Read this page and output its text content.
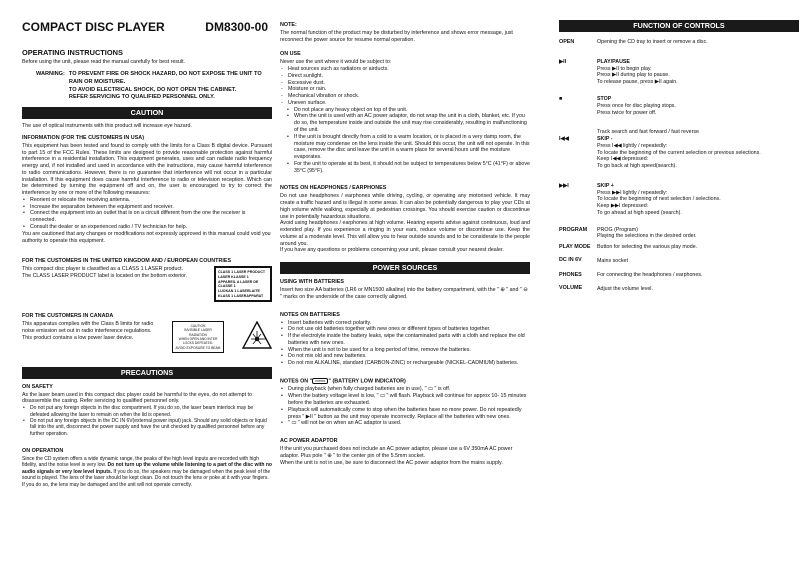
COMPACT DISC PLAYER	DM8300-00
OPERATING INSTRUCTIONS

Before using the unit, please read the manual carefully for best result.

WARNING: TO PREVENT FIRE OR SHOCK HAZARD, DO NOT EXPOSE THE UNIT TO RAIN OR MOISTURE.
TO AVOID ELECTRICAL SHOCK, DO NOT OPEN THE CABINET.
REFER SERVICING TO QUALIFIED PERSONNEL ONLY.
CAUTION

The use of optical instruments with this product will increase eye hazard.

INFORMATION (FOR THE CUSTOMERS IN USA)

This equipment has been tested and found to comply with the limits for a Class B digital device. Pursuant to part 15 of the FCC Rules. These limits are designed to provide reasonable protection against harmful interference in a residential installation. This equipment generates, uses and can radiate radio frequency energy and, if not installed and used in accordance with the instructions, may cause harmful interference to radio communications. However, there is no guarantee that interference will not occur in a particular installation. If this equipment does cause harmful interference to radio or television reception. Which can be determined by turning the equipment off and on, the user is encouraged to try to correct the interference by one or more of the following measures:

• Reorient or relocate the receiving antenna.
• Increase the separation between the equipment and receiver.
• Connect the equipment into an outlet that is on a circuit different from the one the receiver is connected.
• Consult the dealer or an experienced radio / TV technician for help.

You are cautioned that any changes or modifications not expressly approved in this manual could void you authority to operate this equipment.

FOR THE CUSTOMERS IN THE UNITED KINGDOM AND / EUROPEAN COUNTRIES

This compact disc player is classified as a CLASS 1 LASER product.

The CLASS LASER PRODUCT label is located on the bottom exterior.

CLASS 1 LASER PRODUCT
LASER KLASSE 1
APPAREIL A LASER DE CLASSE 1
LUOKAN 1 LASERLAITE
KLASS 1 LASERAPPARAT
FOR THE CUSTOMERS IN CANADA

This apparatus complies with the Class B limits for radio noise emission set out in radio interference regulations.

This product contains a low power laser device.

CAUTION
INVISIBLE LASER RADIATION
WHEN OPEN AND INTER
LOCKS DEFEATED.
AVOID EXPOSURE TO BEAM
PRECAUTIONS
ON SAFETY

As the laser beam used in this compact disc player could be harmful to the eyes, do not attempt to disassemble the casing. Refer servicing to qualified personnel only.

• Do not put any foreign objects in the disc compartment. If you do so, the laser beam interlock may be defeated allowing the laser to remain on when the lid is opened.
• Do not put any foreign objects in the DC IN 6V(external power input) jack. Should any solid objects or liquid fall into the unit, disconnect the power supply and have the unit checked by qualified personnel before any further operation.
ON OPERATION

Since the CD system offers a wide dynamic range, the peaks of the high level inputs are recorded with high fidelity, and the noise level is very low. Do not turn up the volume while listening to a part of the disc with no audio signals or very low level inputs. If you do so, the speakers may be damaged when the peak level of the sound is played. The lens of the laser should be kept clean. Do not touch the lens or poke at it with your fingers. If you do so, the lens may be damaged and the unit will not operate correctly.

NOTE:

The normal function of the product may be disturbed by interference and shows error message, just reconnect the power source for resume normal operation.

ON USE

Never use the unit where it would be subject to:

- Heat sources such as radiators or airducts.
- Direct sunlight.
- Excessive dust.
- Moisture or rain.
- Mechanical vibration or shock.
- Uneven surface.
• Do not place any heavy object on top of the unit.
• When the unit is used with an AC power adaptor, do not wrap the unit in a cloth, blanket, etc. If you do so, the temperature inside and outside the unit may rise considerably, resulting in malfunctioning of the unit.
• If the unit is brought directly from a cold to a warm location, or is placed in a very damp room, the moisture may condense on the lens inside the unit. Should this occur, the unit will not operate. In this case, remove the disc and leave the unit in a warm place for several hours until the moisture evaporates.
• For the unit to operate at its best, it should not be subject to temperatures below 5°C (41°F) or above 35°C (95°F).
NOTES ON HEADPHONES / EARPHONES

Do not use headphones / earphones while driving, cycling, or operating any motorised vehicle. It may create a traffic hazard and is illegal in some areas. It can also be potentially dangerous to play your CDs at high volume while walking, especially at pedestrian crossings. You should exercise caution or discontinue use in potentially hazardous situations.

Avoid using headphones / earphones at high volume. Hearing experts advise against continuous, loud and extended play. If you experience a ringing in your ears, reduce volume or discontinue use. Keep the volume at a moderate level. This will allow you to hear outside sounds and to be considerate to the people around you.

If you have any questions or problems concerning your unit, please consult your nearest dealer.

POWER SOURCES
USING WITH BATTERIES

Insert two size AA batteries (LR6 or MN1500 alkaline) into the battery compartment, with the " ⊕ " and " ⊖ " marks on the underside of the case correctly aligned.

NOTES ON BATTERIES
• Insert batteries with correct polarity.
• Do not use old batteries together with new ones or different types of batteries together.
• If the electrolyte inside the battery leaks, wipe the contaminated parts with a cloth and replace the old batteries with new ones.
• When the unit is not to be used for a long period of time, remove the batteries.
• Do not mix old and new batteries.
• Do not mix ALKALINE, standard (CARBON-ZINC) or rechargeable (NICKEL-CADMIUM) batteries.
NOTES ON " ▭▭▭ " (BATTERY LOW INDICATOR)
• During playback (when fully charged batteries are in use), " ▭ " is off.
• When the battery voltage level is low, " ▭ " will flash. Playback will continue for approx 10- 15 minutes before the batteries are exhausted.
• Playback will automatically come to stop when the batteries have no more power. Do not repeatedly press " ▶II " button as the unit may operate incorrectly. Replace all the batteries with new ones.
• " ▭ " will not be on when an AC adaptor is used.
AC POWER ADAPTOR

If the unit you purchased does not include an AC power adaptor, please use a 6V 350mA AC power adaptor. Plus pole " ⊕ " to the center pin of the 5.5mm socket.

When the unit is not in use, be sure to disconnect the AC power adaptor from the mains supply.

FUNCTION OF CONTROLS
OPEN	Opening the CD tray to insert or remove a disc.
▶II	PLAY/PAUSE
Press ▶II to begin play.
Press ▶II during play to pause.
To release pause, press ▶II again.
■	STOP
Press once for disc playing stops.
Press twice for power off.
Track search and fast forward / fast reverse
I◀◀	SKIP -
Press I◀◀ lightly / repeatedly:
To locate the beginning of the current selection or previous selections.
Keep I◀◀ depressed:
To go back at high speed(search).
▶▶I	SKIP +
Press ▶▶I lightly / repeatedly:
To locate the beginning of next selection / selections.
Keep ▶▶I depressed:
To go ahead at high speed (search).
PROGRAM	PROG (Program)
Playing the selections in the desired order.
PLAY MODE	Button for selecting the various play mode.
DC IN 6V	Mains socket
PHONES	For connecting the headphones / earphones.
VOLUME	Adjust the volume level.
